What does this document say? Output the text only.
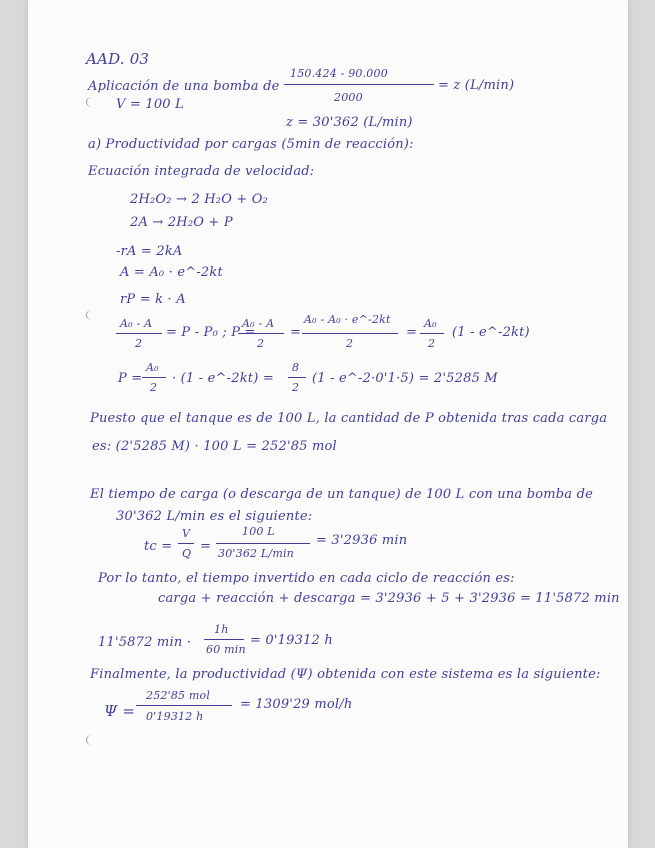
AAD. 03
Aplicación de una bomba de
150.424 - 90.000
2000
= z (L/min)
V = 100 L
z = 30'362 (L/min)
a) Productividad por cargas (5min de reacción):
Ecuación integrada de velocidad:
2H₂O₂ → 2 H₂O + O₂
2A → 2H₂O + P
-rA = 2kA
A = A₀ · e^-2kt
rP = k · A
A₀ - A
2
= P - P₀ ; P =
A₀ - A
2
=
A₀ - A₀ · e^-2kt
2
=
A₀
2
(1 - e^-2kt)
P =
A₀
2
· (1 - e^-2kt) =
8
2
(1 - e^-2·0'1·5) = 2'5285 M
Puesto que el tanque es de 100 L, la cantidad de P obtenida tras cada carga
es: (2'5285 M) · 100 L = 252'85 mol
El tiempo de carga (o descarga de un tanque) de 100 L con una bomba de
30'362 L/min es el siguiente:
tc =
V
Q =
100 L
30'362 L/min
= 3'2936 min
Por lo tanto, el tiempo invertido en cada ciclo de reacción es:
carga + reacción + descarga = 3'2936 + 5 + 3'2936 = 11'5872 min
11'5872 min ·
1h
60 min
= 0'19312 h
Finalmente, la productividad (Ψ) obtenida con este sistema es la siguiente:
Ψ =
252'85 mol
0'19312 h
= 1309'29 mol/h
